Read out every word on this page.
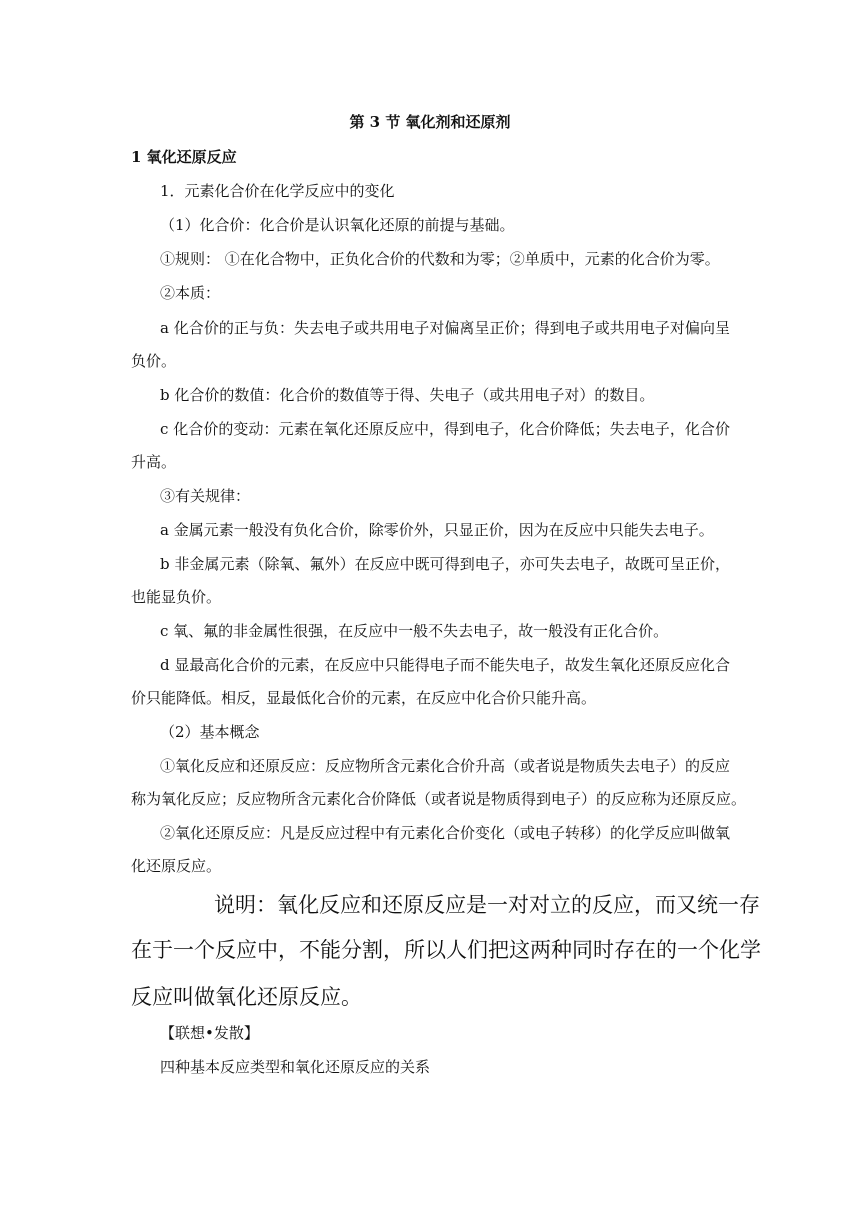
第 3 节 氧化剂和还原剂
1 氧化还原反应
1．元素化合价在化学反应中的变化
（1）化合价：化合价是认识氧化还原的前提与基础。
①规则： ①在化合物中，正负化合价的代数和为零；②单质中，元素的化合价为零。
②本质：
a 化合价的正与负：失去电子或共用电子对偏离呈正价；得到电子或共用电子对偏向呈
负价。
b 化合价的数值：化合价的数值等于得、失电子（或共用电子对）的数目。
c 化合价的变动：元素在氧化还原反应中，得到电子，化合价降低；失去电子，化合价
升高。
③有关规律：
a 金属元素一般没有负化合价，除零价外，只显正价，因为在反应中只能失去电子。
b 非金属元素（除氧、氟外）在反应中既可得到电子，亦可失去电子，故既可呈正价，
也能显负价。
c 氧、氟的非金属性很强，在反应中一般不失去电子，故一般没有正化合价。
d 显最高化合价的元素，在反应中只能得电子而不能失电子，故发生氧化还原反应化合
价只能降低。相反，显最低化合价的元素，在反应中化合价只能升高。
（2）基本概念
①氧化反应和还原反应：反应物所含元素化合价升高（或者说是物质失去电子）的反应
称为氧化反应；反应物所含元素化合价降低（或者说是物质得到电子）的反应称为还原反应。
②氧化还原反应：凡是反应过程中有元素化合价变化（或电子转移）的化学反应叫做氧
化还原反应。
说明：氧化反应和还原反应是一对对立的反应，而又统一存
在于一个反应中，不能分割，所以人们把这两种同时存在的一个化学
反应叫做氧化还原反应。
【联想•发散】
四种基本反应类型和氧化还原反应的关系
